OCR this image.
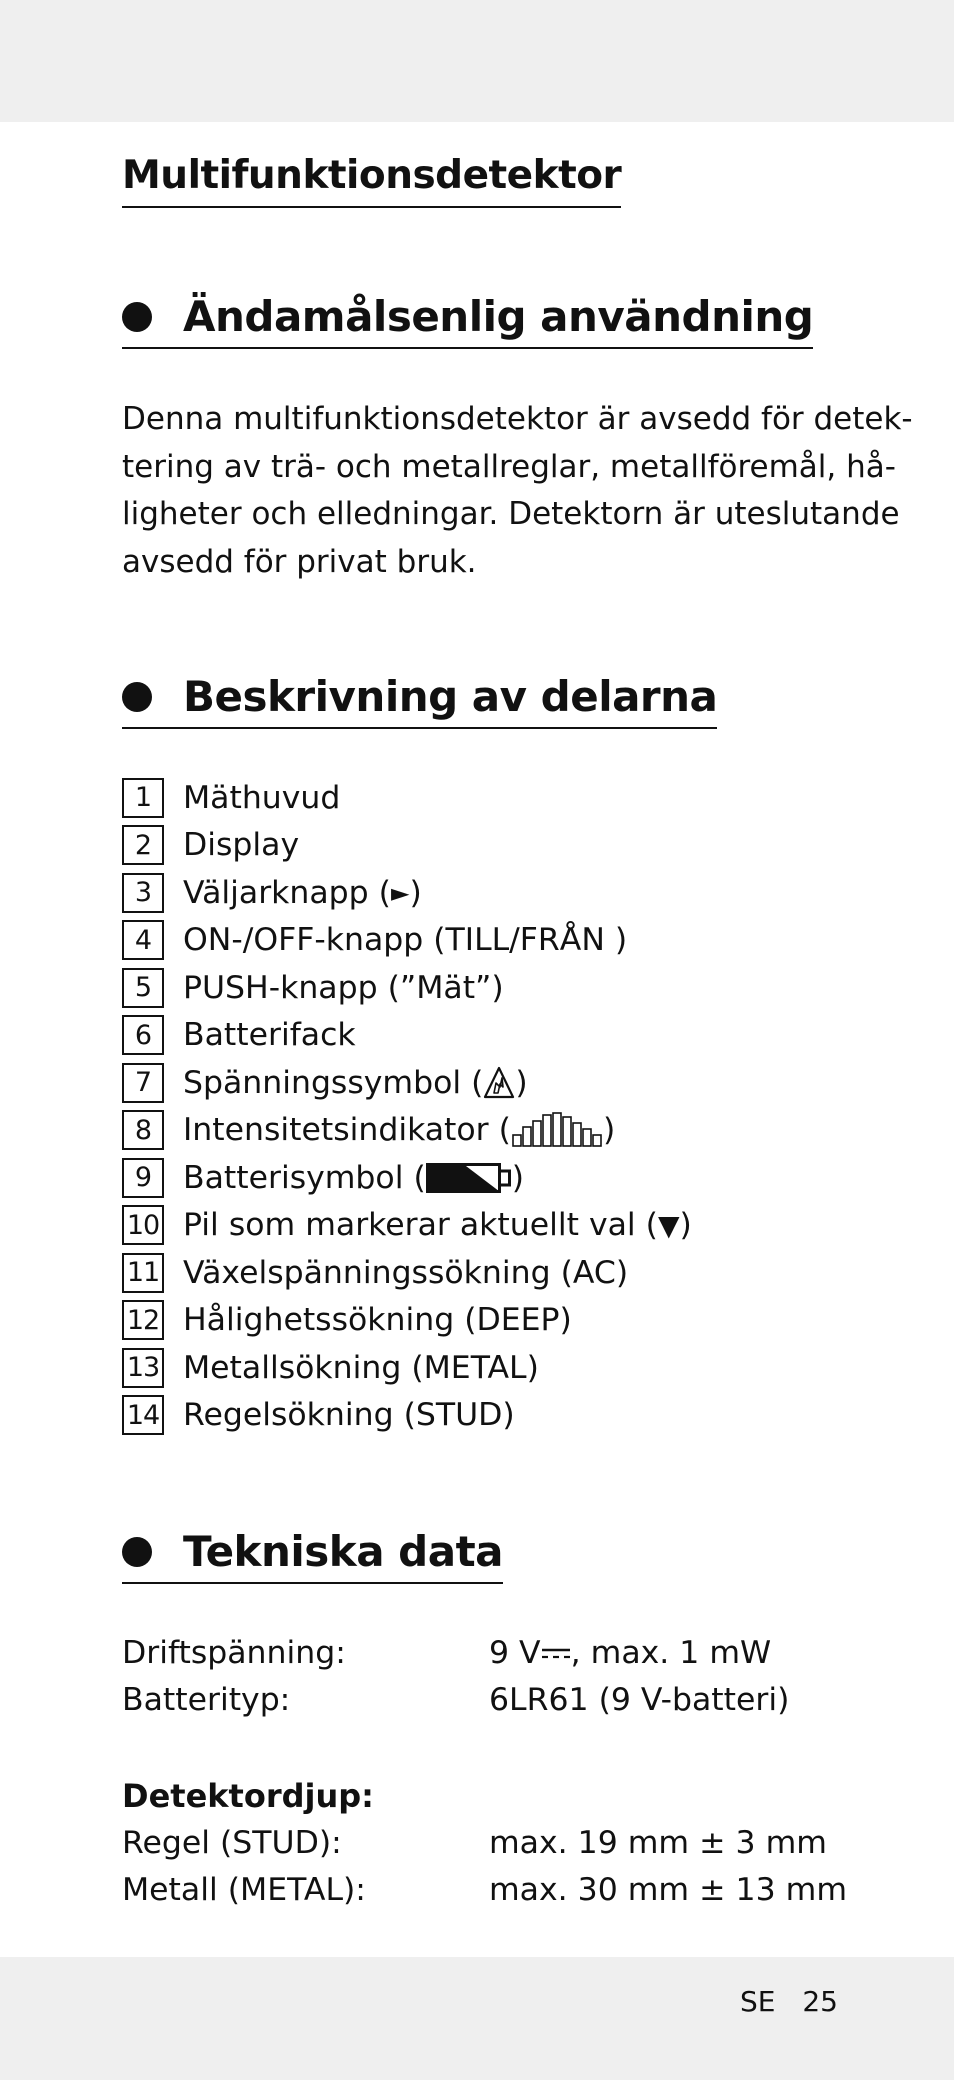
Multifunktionsdetektor
Ändamålsenlig användning

Denna multifunktionsdetektor är avsedd för detek-
tering av trä- och metallreglar, metallföremål, hå-
ligheter och elledningar. Detektorn är uteslutande
avsedd för privat bruk.

Beskrivning av delarna
1	Mäthuvud
2	Display
3	Väljarknapp ( ► )
4	ON-/OFF-knapp (TILL/FRÅN )
5	PUSH-knapp (”Mät”)
6	Batterifack
7	Spänningssymbol ( )
8	Intensitetsindikator (	)
9	Batterisymbol (	)
10 Pil som markerar aktuellt val ( ▼ )
11 Växelspänningssökning (AC)
12 Hålighetssökning (DEEP)
13 Metallsökning (METAL)
14 Regelsökning (STUD)
Tekniska data
Driftspänning:	9 V , max. 1 mW
Batterityp:	6LR61 (9 V-batteri)
Detektordjup:
Regel (STUD):	max. 19 mm ± 3 mm
Metall (METAL):	max. 30 mm ± 13 mm
SE 25
